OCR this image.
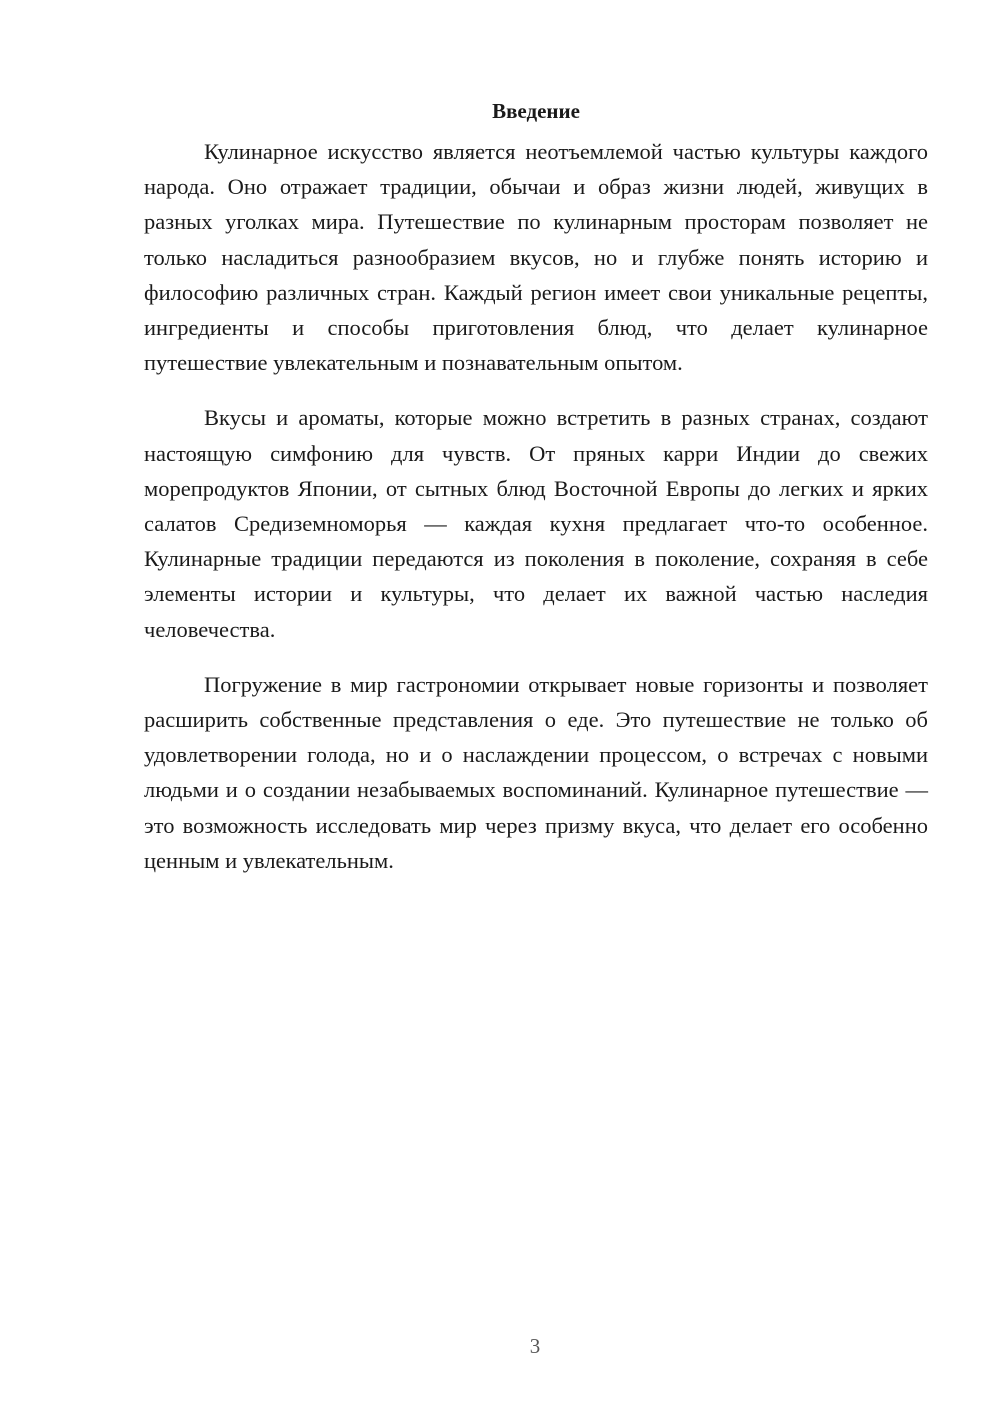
Введение

Кулинарное искусство является неотъемлемой частью культуры каждого народа. Оно отражает традиции, обычаи и образ жизни людей, живущих в разных уголках мира. Путешествие по кулинарным просторам позволяет не только насладиться разнообразием вкусов, но и глубже понять историю и философию различных стран. Каждый регион имеет свои уникальные рецепты, ингредиенты и способы приготовления блюд, что делает кулинарное путешествие увлекательным и познавательным опытом.

Вкусы и ароматы, которые можно встретить в разных странах, создают настоящую симфонию для чувств. От пряных карри Индии до свежих морепродуктов Японии, от сытных блюд Восточной Европы до легких и ярких салатов Средиземноморья — каждая кухня предлагает что-то особенное. Кулинарные традиции передаются из поколения в поколение, сохраняя в себе элементы истории и культуры, что делает их важной частью наследия человечества.

Погружение в мир гастрономии открывает новые горизонты и позволяет расширить собственные представления о еде. Это путешествие не только об удовлетворении голода, но и о наслаждении процессом, о встречах с новыми людьми и о создании незабываемых воспоминаний. Кулинарное путешествие — это возможность исследовать мир через призму вкуса, что делает его особенно ценным и увлекательным.

3
